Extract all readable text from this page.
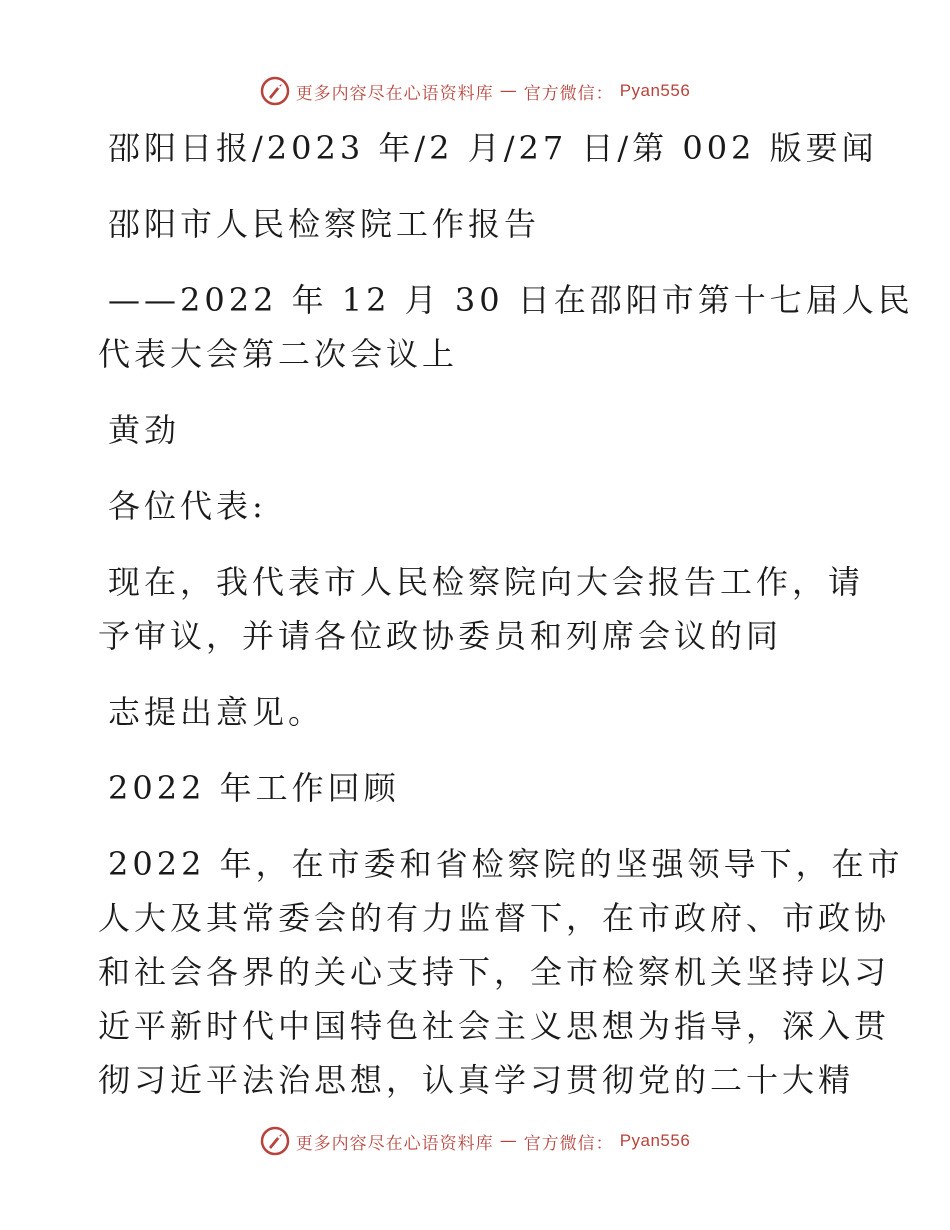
更多内容尽在心语资料库 — 官方微信： Pyan556

邵阳日报/2023 年/2 月/27 日/第 002 版要闻

邵阳市人民检察院工作报告

——2022 年 12 月 30 日在邵阳市第十七届人民

代表大会第二次会议上

黄劲

各位代表:

现在，我代表市人民检察院向大会报告工作，请

予审议，并请各位政协委员和列席会议的同

志提出意见。

2022 年工作回顾

2022 年，在市委和省检察院的坚强领导下，在市

人大及其常委会的有力监督下，在市政府、市政协

和社会各界的关心支持下，全市检察机关坚持以习

近平新时代中国特色社会主义思想为指导，深入贯

彻习近平法治思想，认真学习贯彻党的二十大精

更多内容尽在心语资料库 — 官方微信： Pyan556
